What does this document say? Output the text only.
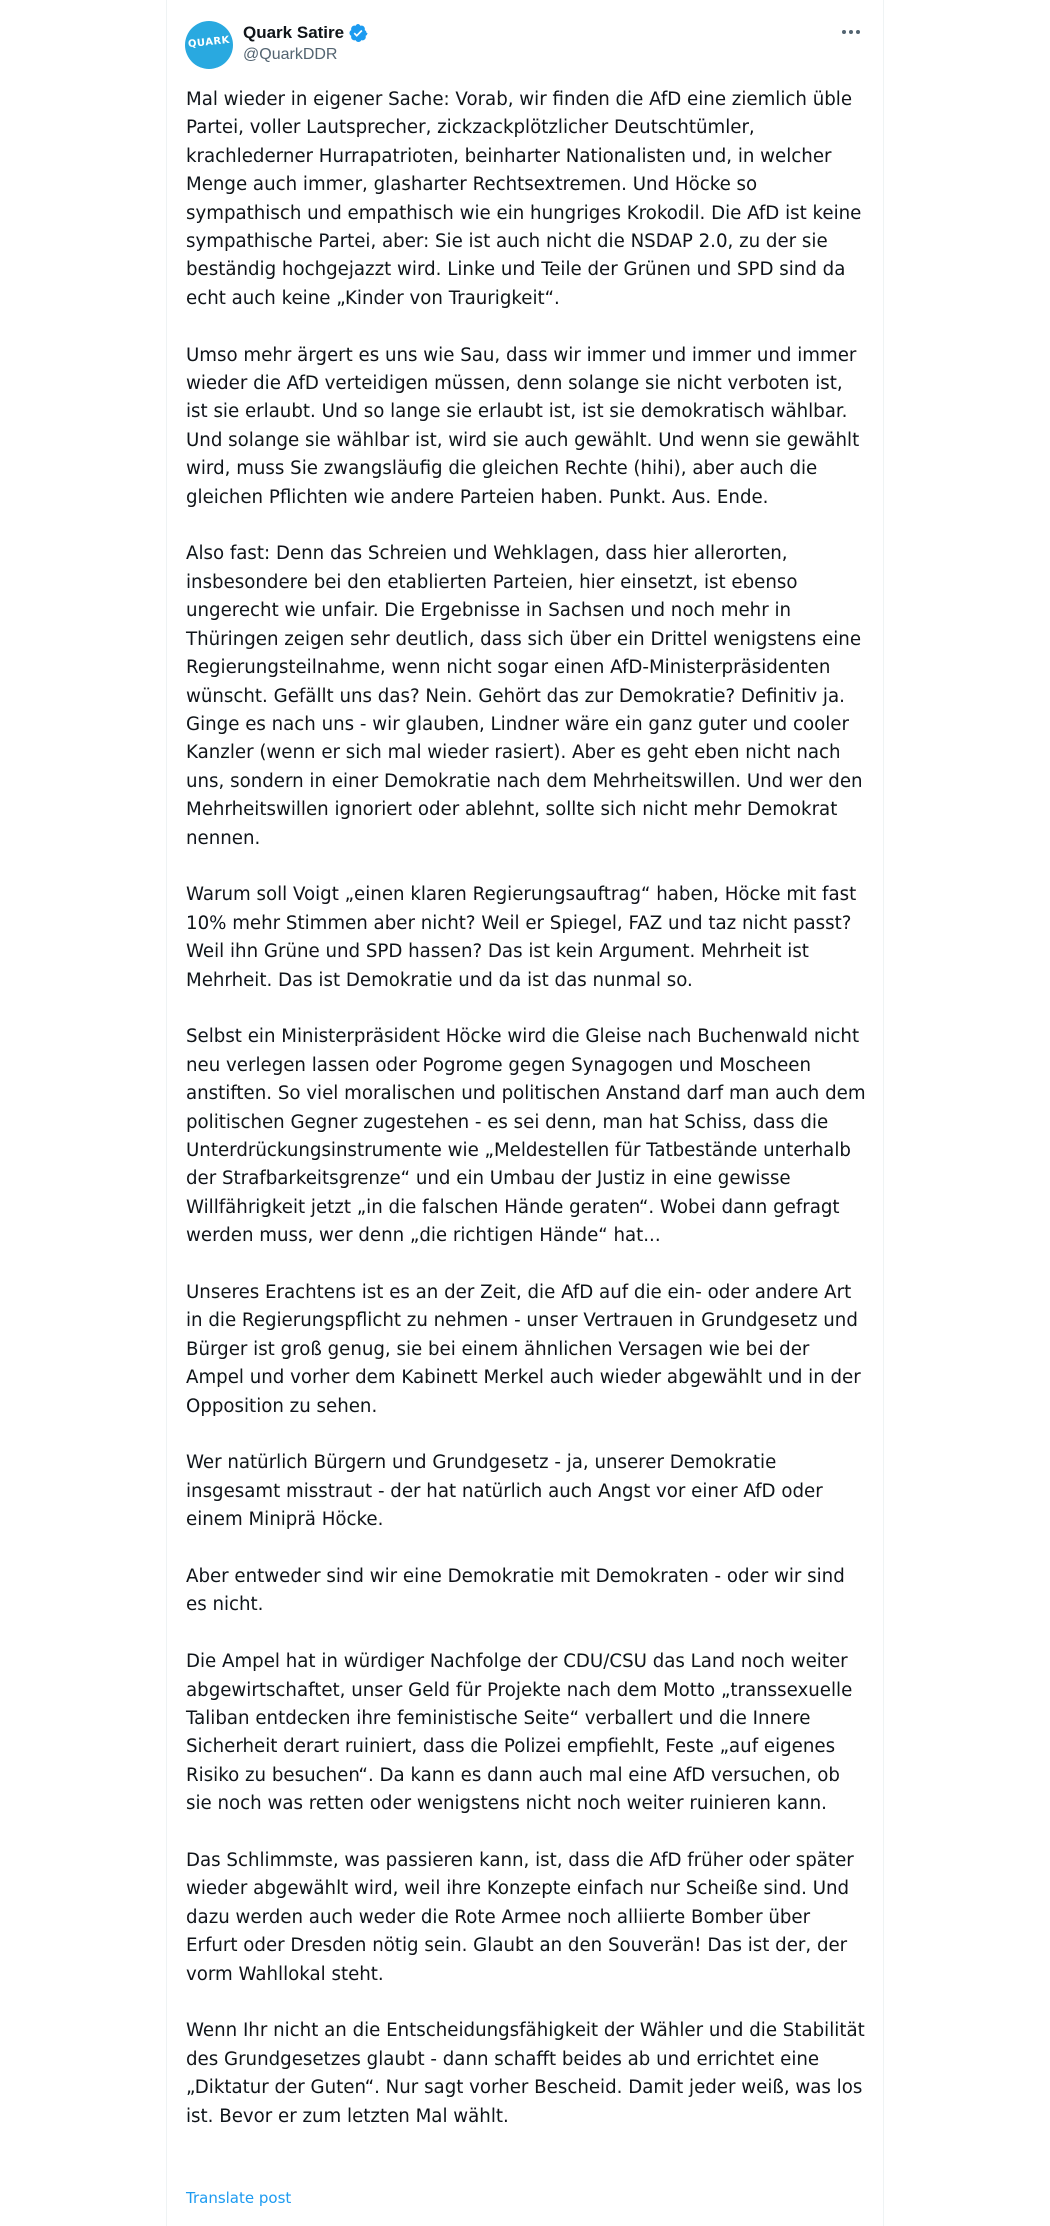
QUARK
Quark Satire
@QuarkDDR

Mal wieder in eigener Sache: Vorab, wir finden die AfD eine ziemlich üble Partei, voller Lautsprecher, zickzackplötzlicher Deutschtümler, krachlederner Hurrapatrioten, beinharter Nationalisten und, in welcher Menge auch immer, glasharter Rechtsextremen. Und Höcke so sympathisch und empathisch wie ein hungriges Krokodil. Die AfD ist keine sympathische Partei, aber: Sie ist auch nicht die NSDAP 2.0, zu der sie beständig hochgejazzt wird. Linke und Teile der Grünen und SPD sind da echt auch keine „Kinder von Traurigkeit“.

Umso mehr ärgert es uns wie Sau, dass wir immer und immer und immer wieder die AfD verteidigen müssen, denn solange sie nicht verboten ist, ist sie erlaubt. Und so lange sie erlaubt ist, ist sie demokratisch wählbar. Und solange sie wählbar ist, wird sie auch gewählt. Und wenn sie gewählt wird, muss Sie zwangsläufig die gleichen Rechte (hihi), aber auch die gleichen Pflichten wie andere Parteien haben. Punkt. Aus. Ende.

Also fast: Denn das Schreien und Wehklagen, dass hier allerorten, insbesondere bei den etablierten Parteien, hier einsetzt, ist ebenso ungerecht wie unfair. Die Ergebnisse in Sachsen und noch mehr in Thüringen zeigen sehr deutlich, dass sich über ein Drittel wenigstens eine Regierungsteilnahme, wenn nicht sogar einen AfD-Ministerpräsidenten wünscht. Gefällt uns das? Nein. Gehört das zur Demokratie? Definitiv ja. Ginge es nach uns - wir glauben, Lindner wäre ein ganz guter und cooler Kanzler (wenn er sich mal wieder rasiert). Aber es geht eben nicht nach uns, sondern in einer Demokratie nach dem Mehrheitswillen. Und wer den Mehrheitswillen ignoriert oder ablehnt, sollte sich nicht mehr Demokrat nennen.

Warum soll Voigt „einen klaren Regierungsauftrag“ haben, Höcke mit fast 10% mehr Stimmen aber nicht? Weil er Spiegel, FAZ und taz nicht passt? Weil ihn Grüne und SPD hassen? Das ist kein Argument. Mehrheit ist Mehrheit. Das ist Demokratie und da ist das nunmal so.

Selbst ein Ministerpräsident Höcke wird die Gleise nach Buchenwald nicht neu verlegen lassen oder Pogrome gegen Synagogen und Moscheen anstiften. So viel moralischen und politischen Anstand darf man auch dem politischen Gegner zugestehen - es sei denn, man hat Schiss, dass die Unterdrückungsinstrumente wie „Meldestellen für Tatbestände unterhalb der Strafbarkeitsgrenze“ und ein Umbau der Justiz in eine gewisse Willfährigkeit jetzt „in die falschen Hände geraten“. Wobei dann gefragt werden muss, wer denn „die richtigen Hände“ hat...

Unseres Erachtens ist es an der Zeit, die AfD auf die ein- oder andere Art in die Regierungspflicht zu nehmen - unser Vertrauen in Grundgesetz und Bürger ist groß genug, sie bei einem ähnlichen Versagen wie bei der Ampel und vorher dem Kabinett Merkel auch wieder abgewählt und in der Opposition zu sehen.

Wer natürlich Bürgern und Grundgesetz - ja, unserer Demokratie insgesamt misstraut - der hat natürlich auch Angst vor einer AfD oder einem Miniprä Höcke.

Aber entweder sind wir eine Demokratie mit Demokraten - oder wir sind es nicht.

Die Ampel hat in würdiger Nachfolge der CDU/CSU das Land noch weiter abgewirtschaftet, unser Geld für Projekte nach dem Motto „transsexuelle Taliban entdecken ihre feministische Seite“ verballert und die Innere Sicherheit derart ruiniert, dass die Polizei empfiehlt, Feste „auf eigenes Risiko zu besuchen“. Da kann es dann auch mal eine AfD versuchen, ob sie noch was retten oder wenigstens nicht noch weiter ruinieren kann.

Das Schlimmste, was passieren kann, ist, dass die AfD früher oder später wieder abgewählt wird, weil ihre Konzepte einfach nur Scheiße sind. Und dazu werden auch weder die Rote Armee noch alliierte Bomber über Erfurt oder Dresden nötig sein. Glaubt an den Souverän! Das ist der, der vorm Wahllokal steht.

Wenn Ihr nicht an die Entscheidungsfähigkeit der Wähler und die Stabilität des Grundgesetzes glaubt - dann schafft beides ab und errichtet eine „Diktatur der Guten“. Nur sagt vorher Bescheid. Damit jeder weiß, was los ist. Bevor er zum letzten Mal wählt.

Translate post
